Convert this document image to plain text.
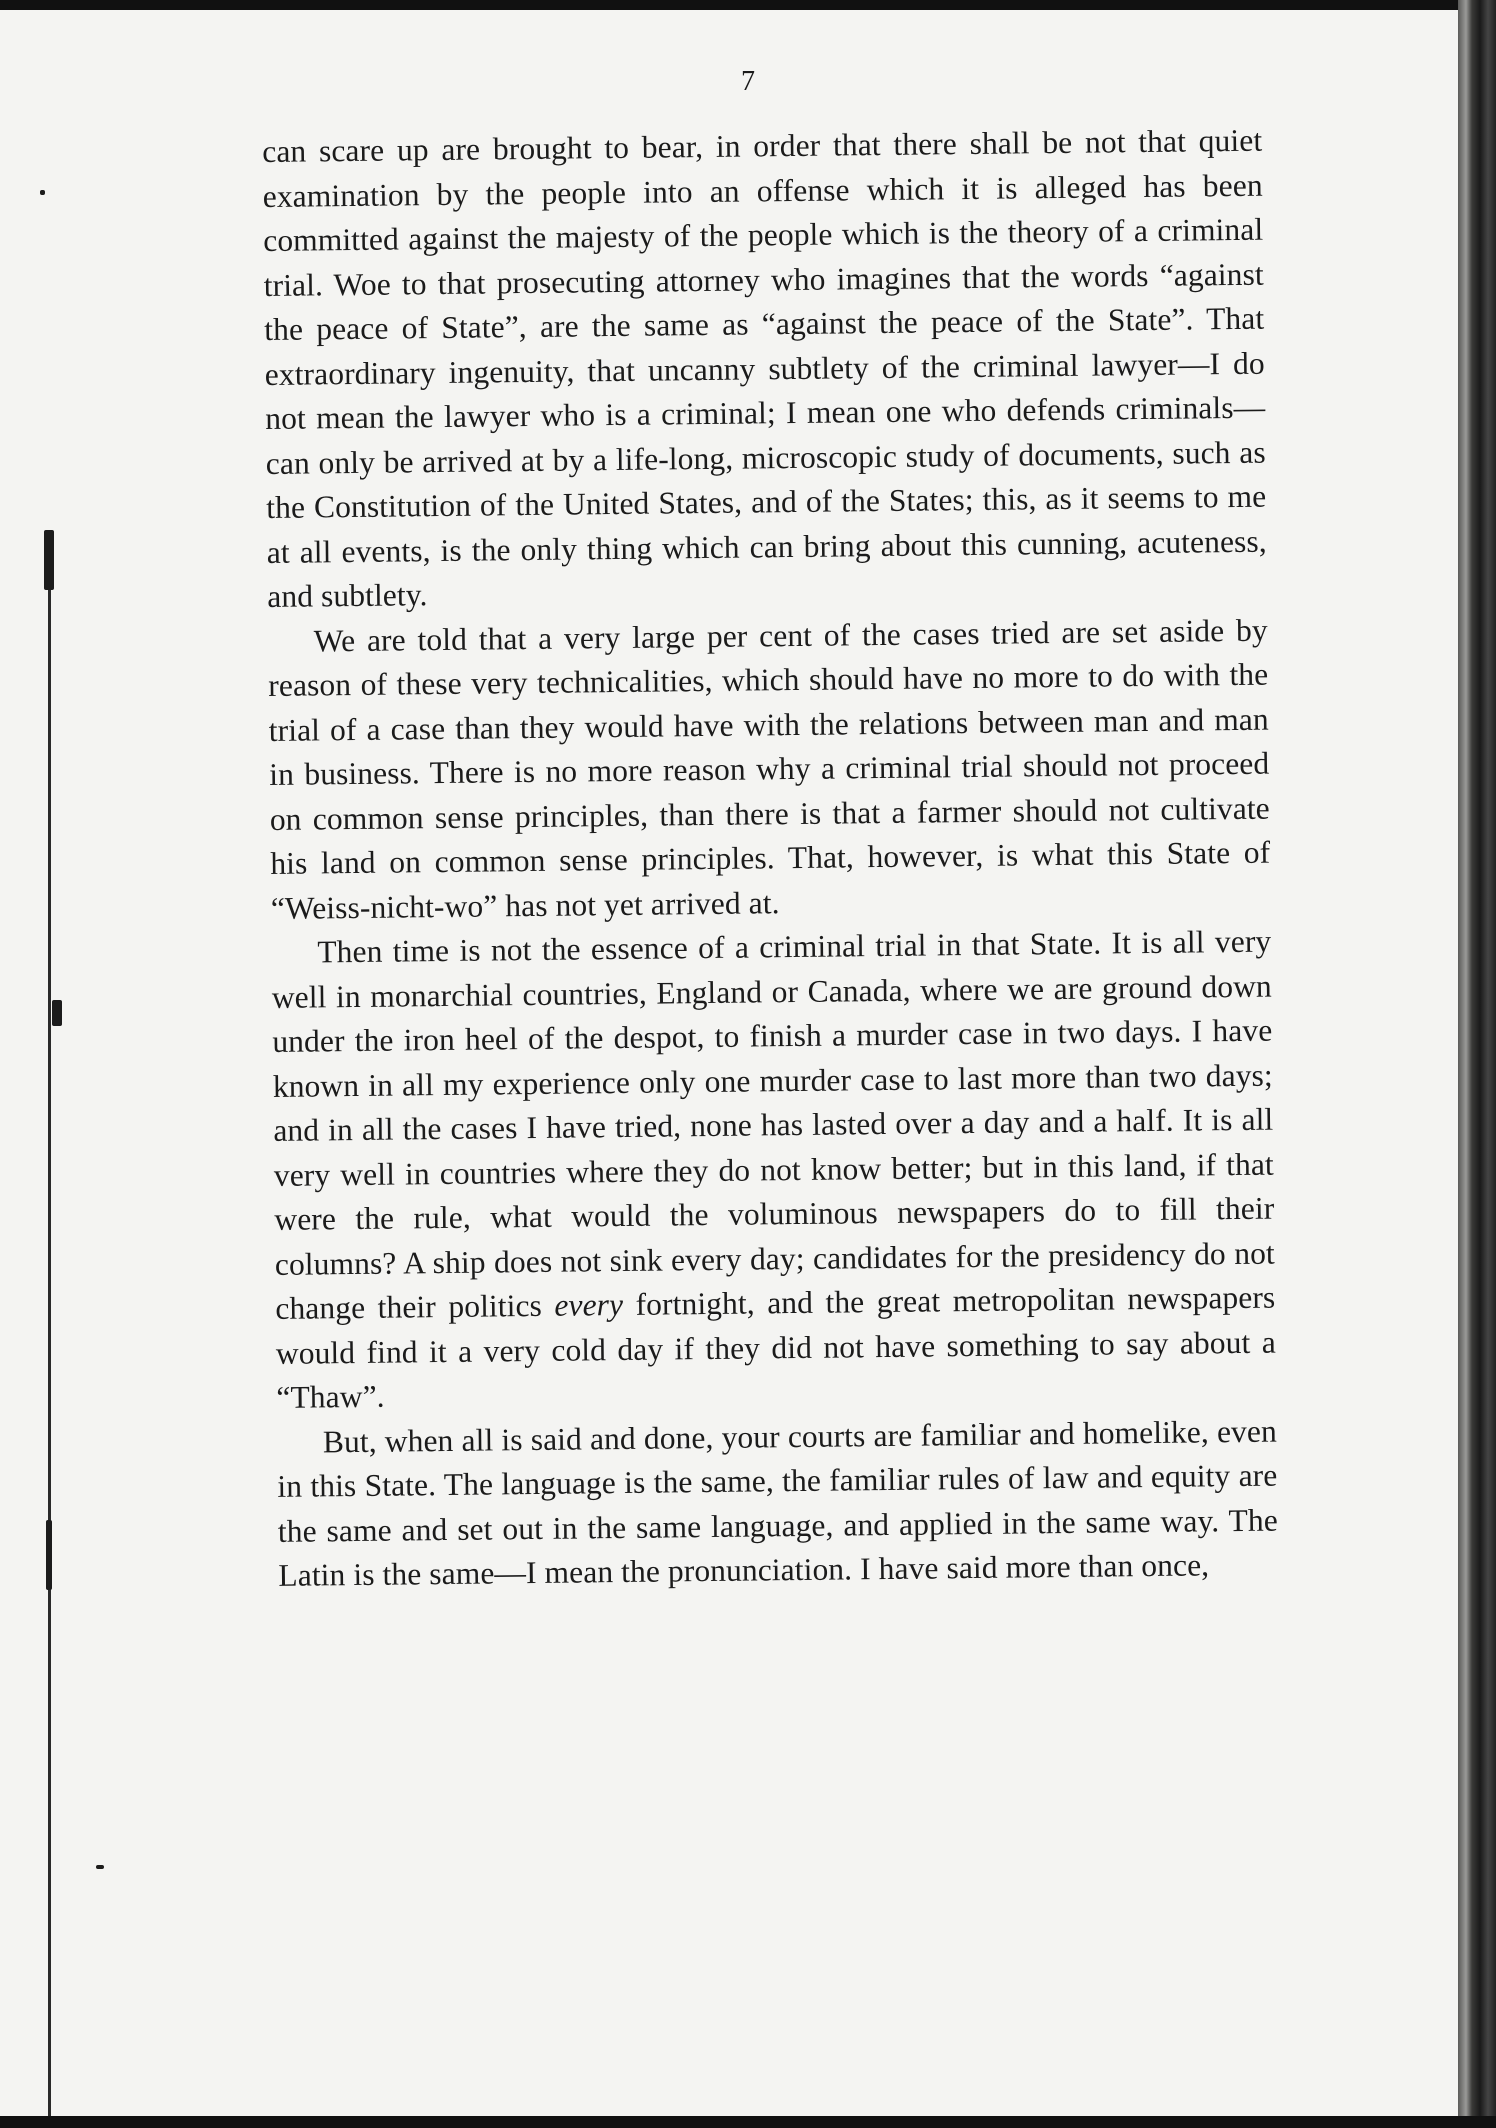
7

can scare up are brought to bear, in order that there shall be not that quiet examination by the people into an offense which it is alleged has been committed against the majesty of the people which is the theory of a criminal trial. Woe to that prosecuting attorney who imagines that the words “against the peace of State”, are the same as “against the peace of the State”. That extraordinary ingenuity, that uncanny subtlety of the criminal lawyer—I do not mean the lawyer who is a criminal; I mean one who defends criminals—can only be arrived at by a life-long, microscopic study of documents, such as the Constitution of the United States, and of the States; this, as it seems to me at all events, is the only thing which can bring about this cunning, acuteness, and subtlety.

We are told that a very large per cent of the cases tried are set aside by reason of these very technicalities, which should have no more to do with the trial of a case than they would have with the relations between man and man in business. There is no more reason why a criminal trial should not proceed on common sense principles, than there is that a farmer should not cultivate his land on common sense principles. That, however, is what this State of “Weiss-nicht-wo” has not yet arrived at.

Then time is not the essence of a criminal trial in that State. It is all very well in monarchial countries, England or Canada, where we are ground down under the iron heel of the despot, to finish a murder case in two days. I have known in all my experience only one murder case to last more than two days; and in all the cases I have tried, none has lasted over a day and a half. It is all very well in countries where they do not know better; but in this land, if that were the rule, what would the voluminous newspapers do to fill their columns? A ship does not sink every day; candidates for the presidency do not change their politics every fortnight, and the great metropolitan newspapers would find it a very cold day if they did not have something to say about a “Thaw”.

But, when all is said and done, your courts are familiar and homelike, even in this State. The language is the same, the familiar rules of law and equity are the same and set out in the same language, and applied in the same way. The Latin is the same—I mean the pronunciation. I have said more than once,
